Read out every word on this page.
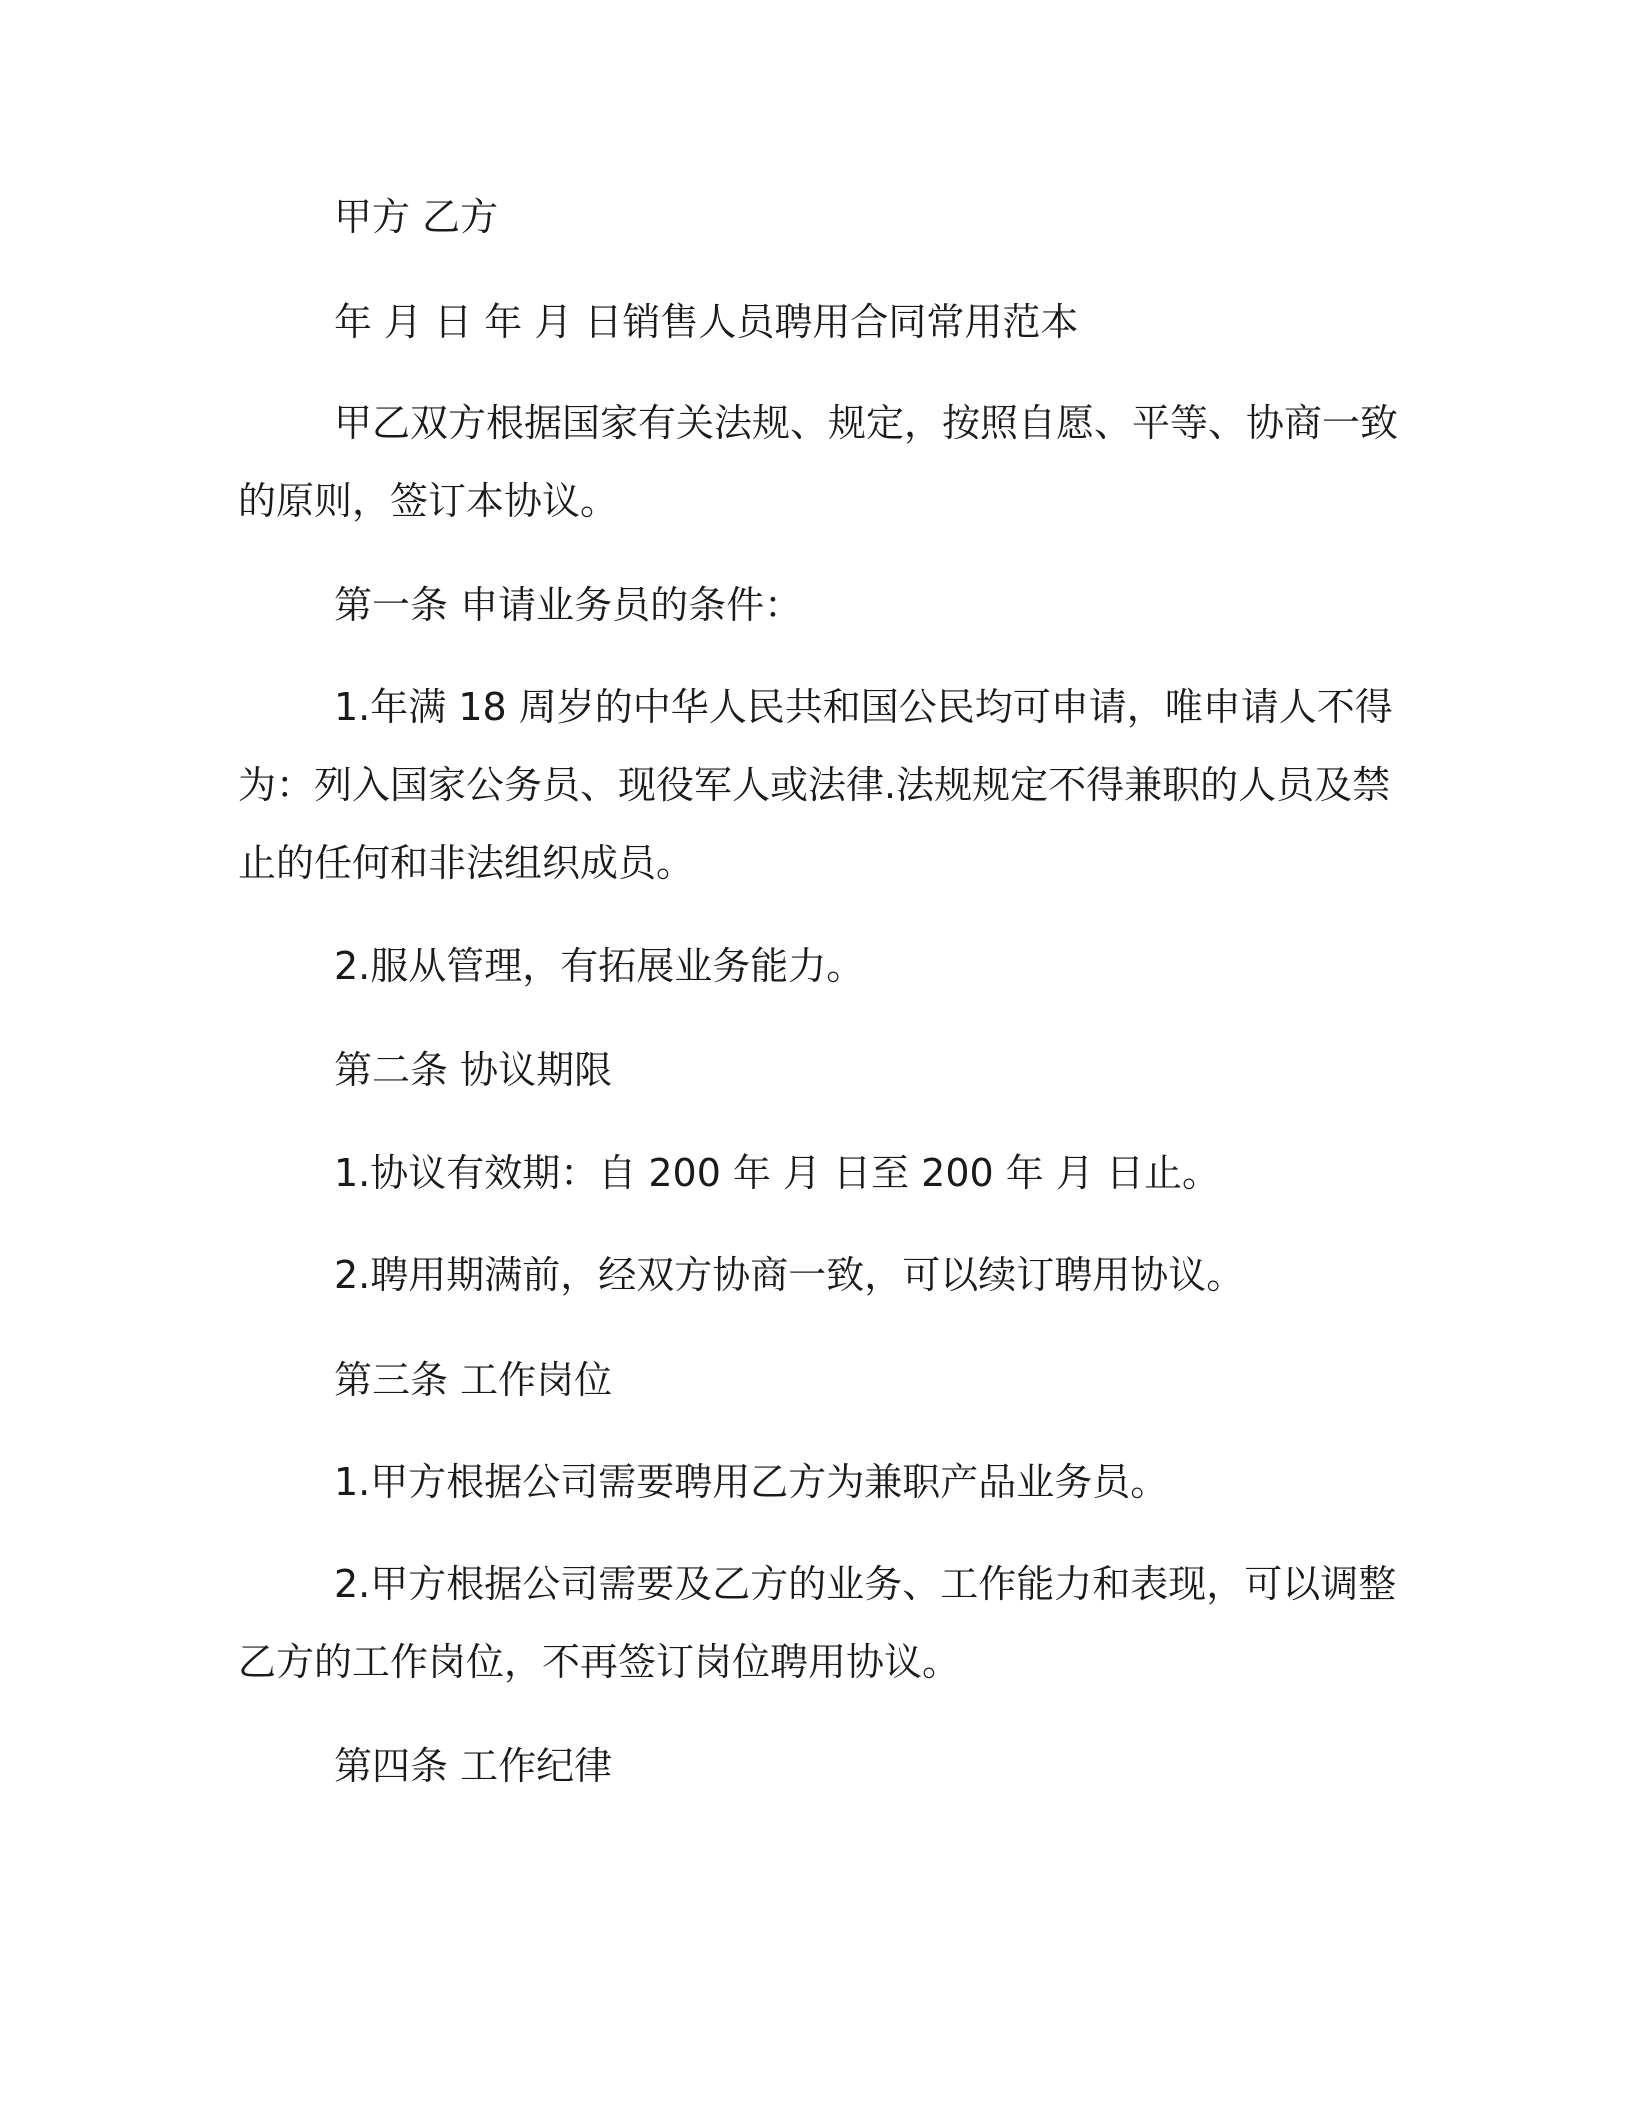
甲方 乙方

年 月 日 年 月 日销售人员聘用合同常用范本

甲乙双方根据国家有关法规、规定，按照自愿、平等、协商一致
的原则，签订本协议。

第一条 申请业务员的条件：

1.年满 18 周岁的中华人民共和国公民均可申请，唯申请人不得
为：列入国家公务员、现役军人或法律.法规规定不得兼职的人员及禁
止的任何和非法组织成员。

2.服从管理，有拓展业务能力。

第二条 协议期限

1.协议有效期：自 200 年 月 日至 200 年 月 日止。

2.聘用期满前，经双方协商一致，可以续订聘用协议。

第三条 工作岗位

1.甲方根据公司需要聘用乙方为兼职产品业务员。

2.甲方根据公司需要及乙方的业务、工作能力和表现，可以调整
乙方的工作岗位，不再签订岗位聘用协议。

第四条 工作纪律
